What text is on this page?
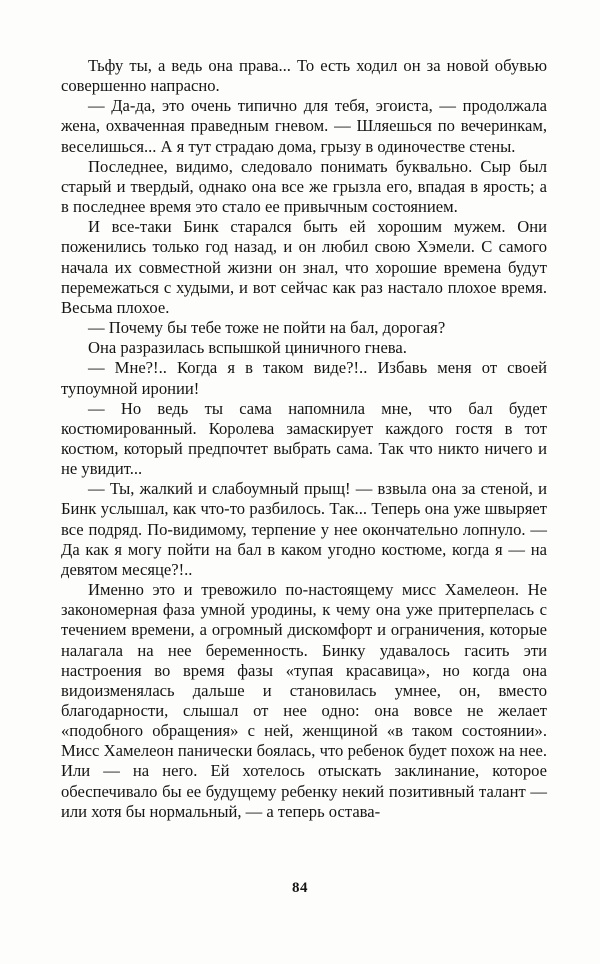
Тьфу ты, а ведь она права... То есть ходил он за новой обувью совершенно напрасно.

— Да-да, это очень типично для тебя, эгоиста, — продолжала жена, охваченная праведным гневом. — Шляешься по вечеринкам, веселишься... А я тут страдаю дома, грызу в одиночестве стены.

Последнее, видимо, следовало понимать буквально. Сыр был старый и твердый, однако она все же грызла его, впадая в ярость; а в последнее время это стало ее привычным состоянием.

И все-таки Бинк старался быть ей хорошим мужем. Они поженились только год назад, и он любил свою Хэмели. С самого начала их совместной жизни он знал, что хорошие времена будут перемежаться с худыми, и вот сейчас как раз настало плохое время. Весьма плохое.

— Почему бы тебе тоже не пойти на бал, дорогая?

Она разразилась вспышкой циничного гнева.

— Мне?!.. Когда я в таком виде?!.. Избавь меня от своей тупоумной иронии!

— Но ведь ты сама напомнила мне, что бал будет костюмированный. Королева замаскирует каждого гостя в тот костюм, который предпочтет выбрать сама. Так что никто ничего и не увидит...

— Ты, жалкий и слабоумный прыщ! — взвыла она за стеной, и Бинк услышал, как что-то разбилось. Так... Теперь она уже швыряет все подряд. По-видимому, терпение у нее окончательно лопнуло. — Да как я могу пойти на бал в каком угодно костюме, когда я — на девятом месяце?!..

Именно это и тревожило по-настоящему мисс Хамелеон. Не закономерная фаза умной уродины, к чему она уже притерпелась с течением времени, а огромный дискомфорт и ограничения, которые налагала на нее беременность. Бинку удавалось гасить эти настроения во время фазы «тупая красавица», но когда она видоизменялась дальше и становилась умнее, он, вместо благодарности, слышал от нее одно: она вовсе не желает «подобного обращения» с ней, женщиной «в таком состоянии». Мисс Хамелеон панически боялась, что ребенок будет похож на нее. Или — на него. Ей хотелось отыскать заклинание, которое обеспечивало бы ее будущему ребенку некий позитивный талант — или хотя бы нормальный, — а теперь остава-

84
